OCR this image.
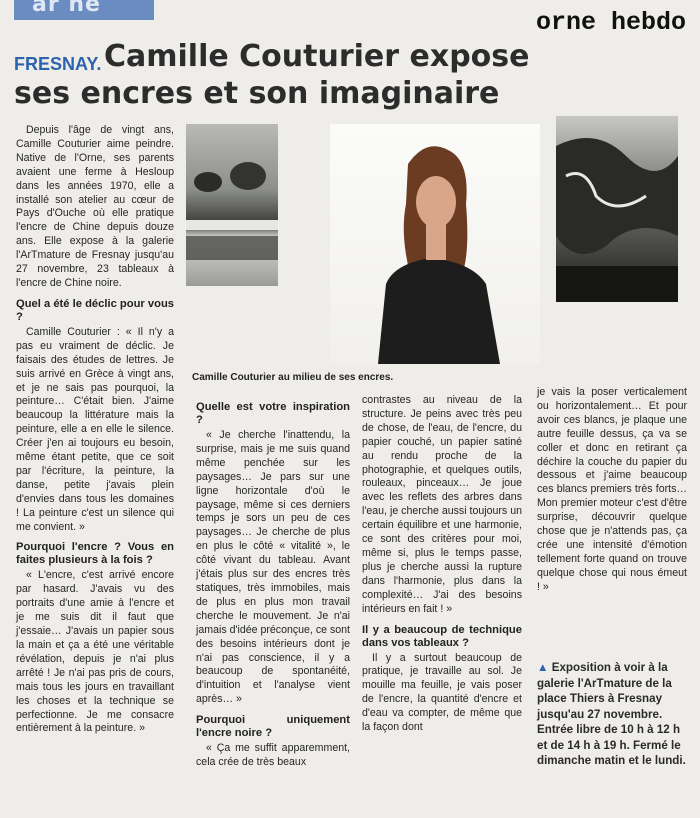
ar ne
orne hebdo
Camille Couturier expose
ses encres et son imaginaire
FRESNAY.

Depuis l'âge de vingt ans, Camille Couturier aime peindre. Native de l'Orne, ses parents avaient une ferme à Hesloup dans les années 1970, elle a installé son atelier au cœur de Pays d'Ouche où elle pratique l'encre de Chine depuis douze ans. Elle expose à la galerie l'ArTmature de Fresnay jusqu'au 27 novembre, 23 tableaux à l'encre de Chine noire.

Quel a été le déclic pour vous ?

Camille Couturier : « Il n'y a pas eu vraiment de déclic. Je faisais des études de lettres. Je suis arrivé en Grèce à vingt ans, et je ne sais pas pourquoi, la peinture… C'était bien. J'aime beaucoup la littérature mais la peinture, elle a en elle le silence. Créer j'en ai toujours eu besoin, même étant petite, que ce soit par l'écriture, la peinture, la danse, petite j'avais plein d'envies dans tous les domaines ! La peinture c'est un silence qui me convient. »

Pourquoi l'encre ? Vous en faites plusieurs à la fois ?

« L'encre, c'est arrivé encore par hasard. J'avais vu des portraits d'une amie à l'encre et je me suis dit il faut que j'essaie… J'avais un papier sous la main et ça a été une véritable révélation, depuis je n'ai plus arrêté ! Je n'ai pas pris de cours, mais tous les jours en travaillant les choses et la technique se perfectionne. Je me consacre entièrement à la peinture. »

Camille Couturier au milieu de ses encres.
Quelle est votre inspiration ?

« Je cherche l'inattendu, la surprise, mais je me suis quand même penchée sur les paysages… Je pars sur une ligne horizontale d'où le paysage, même si ces derniers temps je sors un peu de ces paysages… Je cherche de plus en plus le côté « vitalité », le côté vivant du tableau. Avant j'étais plus sur des encres très statiques, très immobiles, mais de plus en plus mon travail cherche le mouvement. Je n'ai jamais d'idée préconçue, ce sont des besoins intérieurs dont je n'ai pas conscience, il y a beaucoup de spontanéité, d'intuition et l'analyse vient après… »

Pourquoi uniquement l'encre noire ?

« Ça me suffit apparemment, cela crée de très beaux

contrastes au niveau de la structure. Je peins avec très peu de chose, de l'eau, de l'encre, du papier couché, un papier satiné au rendu proche de la photographie, et quelques outils, rouleaux, pinceaux… Je joue avec les reflets des arbres dans l'eau, je cherche aussi toujours un certain équilibre et une harmonie, ce sont des critères pour moi, même si, plus le temps passe, plus je cherche aussi la rupture dans l'harmonie, plus dans la complexité… J'ai des besoins intérieurs en fait ! »

Il y a beaucoup de technique dans vos tableaux ?

Il y a surtout beaucoup de pratique, je travaille au sol. Je mouille ma feuille, je vais poser de l'encre, la quantité d'encre et d'eau va compter, de même que la façon dont

je vais la poser verticalement ou horizontalement… Et pour avoir ces blancs, je plaque une autre feuille dessus, ça va se coller et donc en retirant ça déchire la couche du papier du dessous et j'aime beaucoup ces blancs premiers très forts… Mon premier moteur c'est d'être surprise, découvrir quelque chose que je n'attends pas, ça crée une intensité d'émotion tellement forte quand on trouve quelque chose qui nous émeut ! »

▲ Exposition à voir à la galerie l'ArTmature de la place Thiers à Fresnay jusqu'au 27 novembre. Entrée libre de 10 h à 12 h et de 14 h à 19 h. Fermé le dimanche matin et le lundi.
